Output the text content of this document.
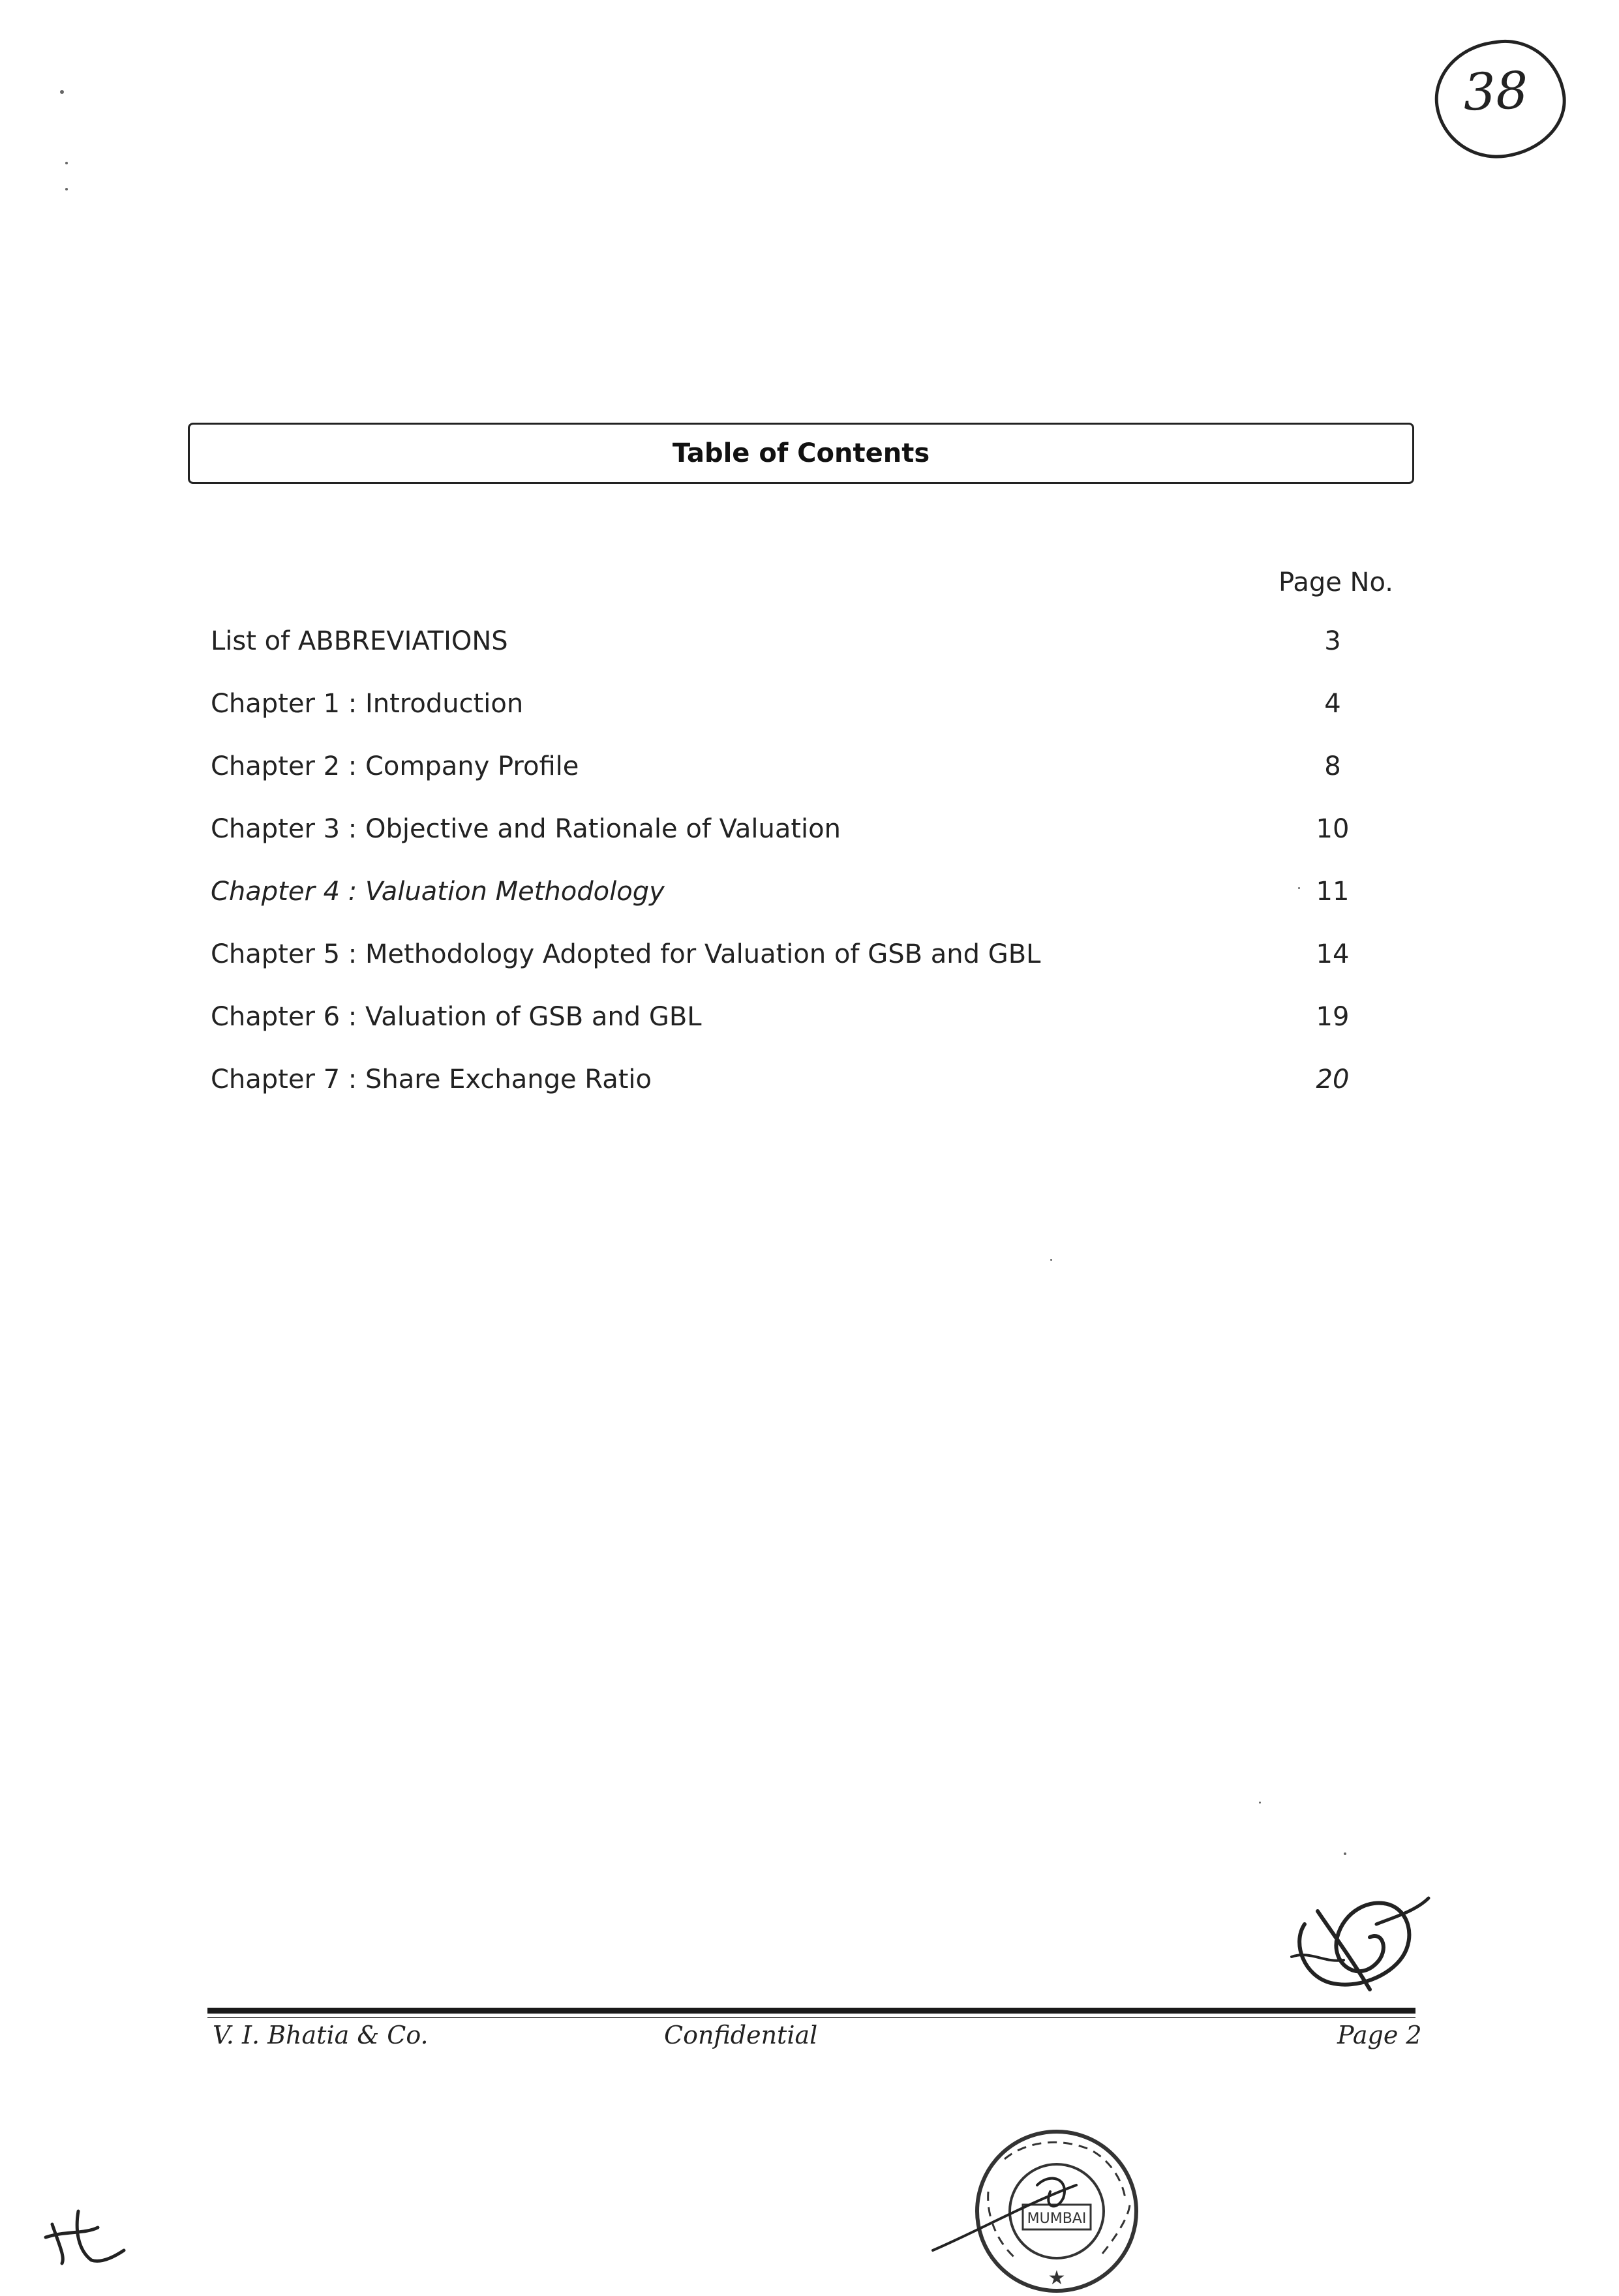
38
Table of Contents
Page No.
List of ABBREVIATIONS	3
Chapter 1 : Introduction	4
Chapter 2 : Company Profile	8
Chapter 3 : Objective and Rationale of Valuation	10
Chapter 4 : Valuation Methodology	11
Chapter 5 : Methodology Adopted for Valuation of GSB and GBL	14
Chapter 6 : Valuation of GSB and GBL	19
Chapter 7 : Share Exchange Ratio	20
V. I. Bhatia & Co.	Confidential	Page 2
MUMBAI
★
